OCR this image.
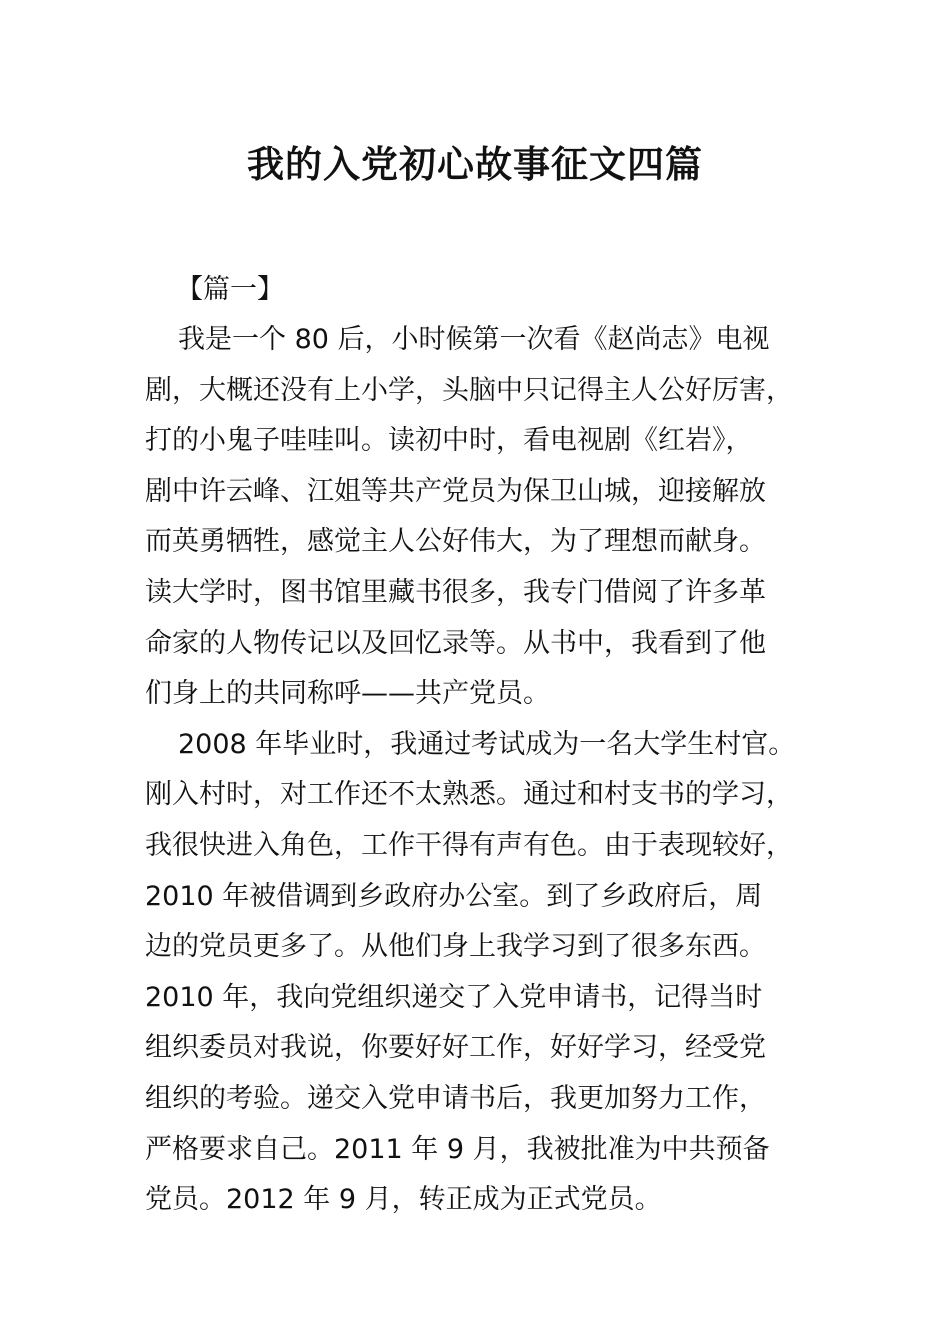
我的入党初心故事征文四篇
【篇一】
我是一个 80 后，小时候第一次看《赵尚志》电视
剧，大概还没有上小学，头脑中只记得主人公好厉害，
打的小鬼子哇哇叫。读初中时，看电视剧《红岩》，
剧中许云峰、江姐等共产党员为保卫山城，迎接解放
而英勇牺牲，感觉主人公好伟大，为了理想而献身。
读大学时，图书馆里藏书很多，我专门借阅了许多革
命家的人物传记以及回忆录等。从书中，我看到了他
们身上的共同称呼——共产党员。
2008 年毕业时，我通过考试成为一名大学生村官。
刚入村时，对工作还不太熟悉。通过和村支书的学习，
我很快进入角色，工作干得有声有色。由于表现较好，
2010 年被借调到乡政府办公室。到了乡政府后，周
边的党员更多了。从他们身上我学习到了很多东西。
2010 年，我向党组织递交了入党申请书，记得当时
组织委员对我说，你要好好工作，好好学习，经受党
组织的考验。递交入党申请书后，我更加努力工作，
严格要求自己。2011 年 9 月，我被批准为中共预备
党员。2012 年 9 月，转正成为正式党员。
